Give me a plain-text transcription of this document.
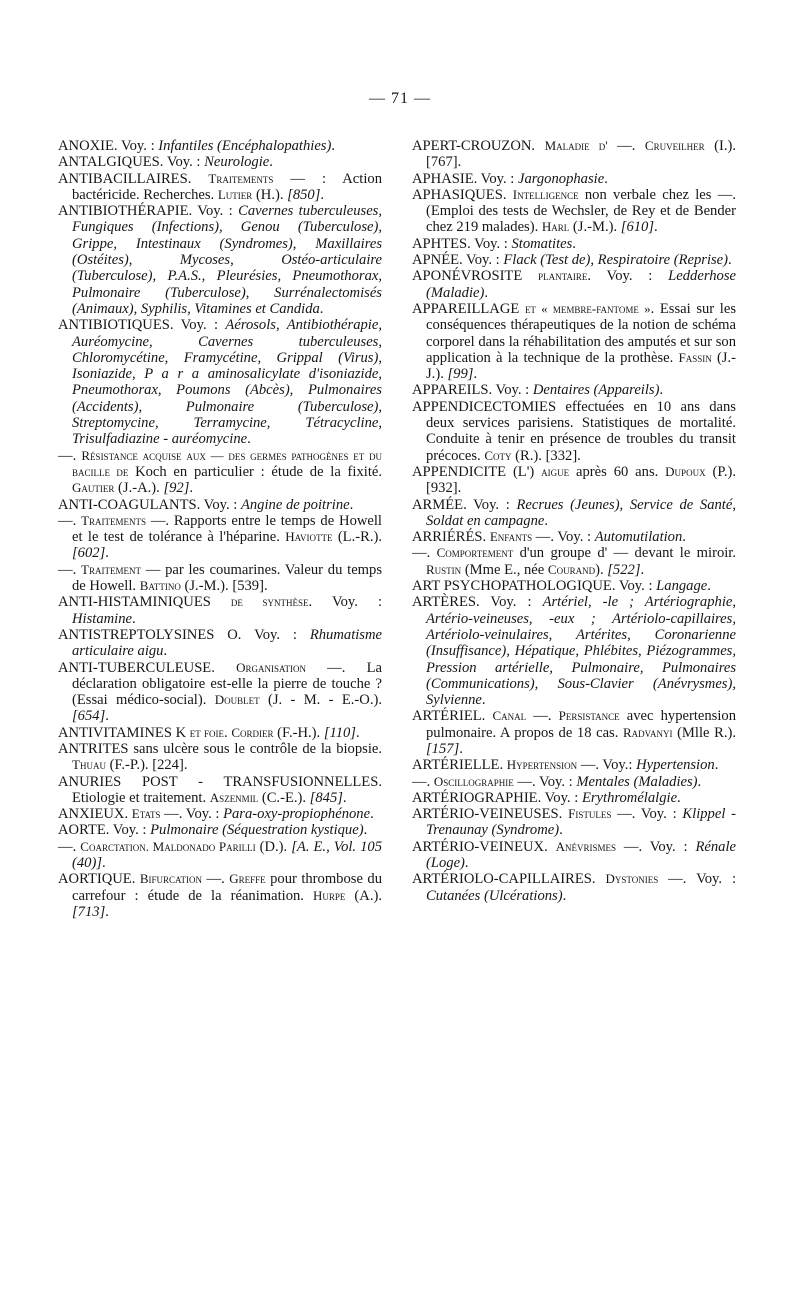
— 71 —

ANOXIE. Voy. : Infantiles (Encéphalopathies).

ANTALGIQUES. Voy. : Neurologie.

ANTIBACILLAIRES. Traitements — : Action bactéricide. Recherches. Lutier (H.). [850].

ANTIBIOTHÉRAPIE. Voy. : Cavernes tuberculeuses, Fungiques (Infections), Genou (Tuberculose), Grippe, Intestinaux (Syndromes), Maxillaires (Ostéites), Mycoses, Ostéo-articulaire (Tuberculose), P.A.S., Pleurésies, Pneumothorax, Pulmonaire (Tuberculose), Surrénalectomisés (Animaux), Syphilis, Vitamines et Candida.

ANTIBIOTIQUES. Voy. : Aérosols, Antibiothérapie, Auréomycine, Cavernes tuberculeuses, Chloromycétine, Framycétine, Grippal (Virus), Isoniazide, P a r a aminosalicylate d'isoniazide, Pneumothorax, Poumons (Abcès), Pulmonaires (Accidents), Pulmonaire (Tuberculose), Streptomycine, Terramycine, Tétracycline, Trisulfadiazine - auréomycine.

—. Résistance acquise aux — des germes pathogènes et du bacille de Koch en particulier : étude de la fixité. Gautier (J.-A.). [92].

ANTI-COAGULANTS. Voy. : Angine de poitrine.

—. Traitements —. Rapports entre le temps de Howell et le test de tolérance à l'héparine. Haviotte (L.-R.). [602].

—. Traitement — par les coumarines. Valeur du temps de Howell. Battino (J.-M.). [539].

ANTI-HISTAMINIQUES de synthèse. Voy. : Histamine.

ANTISTREPTOLYSINES O. Voy. : Rhumatisme articulaire aigu.

ANTI-TUBERCULEUSE. Organisation —. La déclaration obligatoire est-elle la pierre de touche ? (Essai médico-social). Doublet (J. - M. - E.-O.). [654].

ANTIVITAMINES K et foie. Cordier (F.-H.). [110].

ANTRITES sans ulcère sous le contrôle de la biopsie. Thuau (F.-P.). [224].

ANURIES POST - TRANSFUSIONNELLES. Etiologie et traitement. Aszenmil (C.-E.). [845].

ANXIEUX. Etats —. Voy. : Para-oxy-propiophénone.

AORTE. Voy. : Pulmonaire (Séquestration kystique).

—. Coarctation. Maldonado Parilli (D.). [A. E., Vol. 105 (40)].

AORTIQUE. Bifurcation —. Greffe pour thrombose du carrefour : étude de la réanimation. Hurpe (A.). [713].

APERT-CROUZON. Maladie d' —. Cruveilher (I.). [767].

APHASIE. Voy. : Jargonophasie.

APHASIQUES. Intelligence non verbale chez les —. (Emploi des tests de Wechsler, de Rey et de Bender chez 219 malades). Harl (J.-M.). [610].

APHTES. Voy. : Stomatites.

APNÉE. Voy. : Flack (Test de), Respiratoire (Reprise).

APONÉVROSITE plantaire. Voy. : Ledderhose (Maladie).

APPAREILLAGE et « membre-fantome ». Essai sur les conséquences thérapeutiques de la notion de schéma corporel dans la réhabilitation des amputés et sur son application à la technique de la prothèse. Fassin (J.-J.). [99].

APPAREILS. Voy. : Dentaires (Appareils).

APPENDICECTOMIES effectuées en 10 ans dans deux services parisiens. Statistiques de mortalité. Conduite à tenir en présence de troubles du transit précoces. Coty (R.). [332].

APPENDICITE (L') aigue après 60 ans. Dupoux (P.). [932].

ARMÉE. Voy. : Recrues (Jeunes), Service de Santé, Soldat en campagne.

ARRIÉRÉS. Enfants —. Voy. : Automutilation.

—. Comportement d'un groupe d' — devant le miroir. Rustin (Mme E., née Courand). [522].

ART PSYCHOPATHOLOGIQUE. Voy. : Langage.

ARTÈRES. Voy. : Artériel, -le ; Artériographie, Artério-veineuses, -eux ; Artériolo-capillaires, Artériolo-veinulaires, Artérites, Coronarienne (Insuffisance), Hépatique, Phlébites, Piézogrammes, Pression artérielle, Pulmonaire, Pulmonaires (Communications), Sous-Clavier (Anévrysmes), Sylvienne.

ARTÉRIEL. Canal —. Persistance avec hypertension pulmonaire. A propos de 18 cas. Radvanyi (Mlle R.). [157].

ARTÉRIELLE. Hypertension —. Voy.: Hypertension.

—. Oscillographie —. Voy. : Mentales (Maladies).

ARTÉRIOGRAPHIE. Voy. : Erythromélalgie.

ARTÉRIO-VEINEUSES. Fistules —. Voy. : Klippel - Trenaunay (Syndrome).

ARTÉRIO-VEINEUX. Anévrismes —. Voy. : Rénale (Loge).

ARTÉRIOLO-CAPILLAIRES. Dystonies —. Voy. : Cutanées (Ulcérations).
